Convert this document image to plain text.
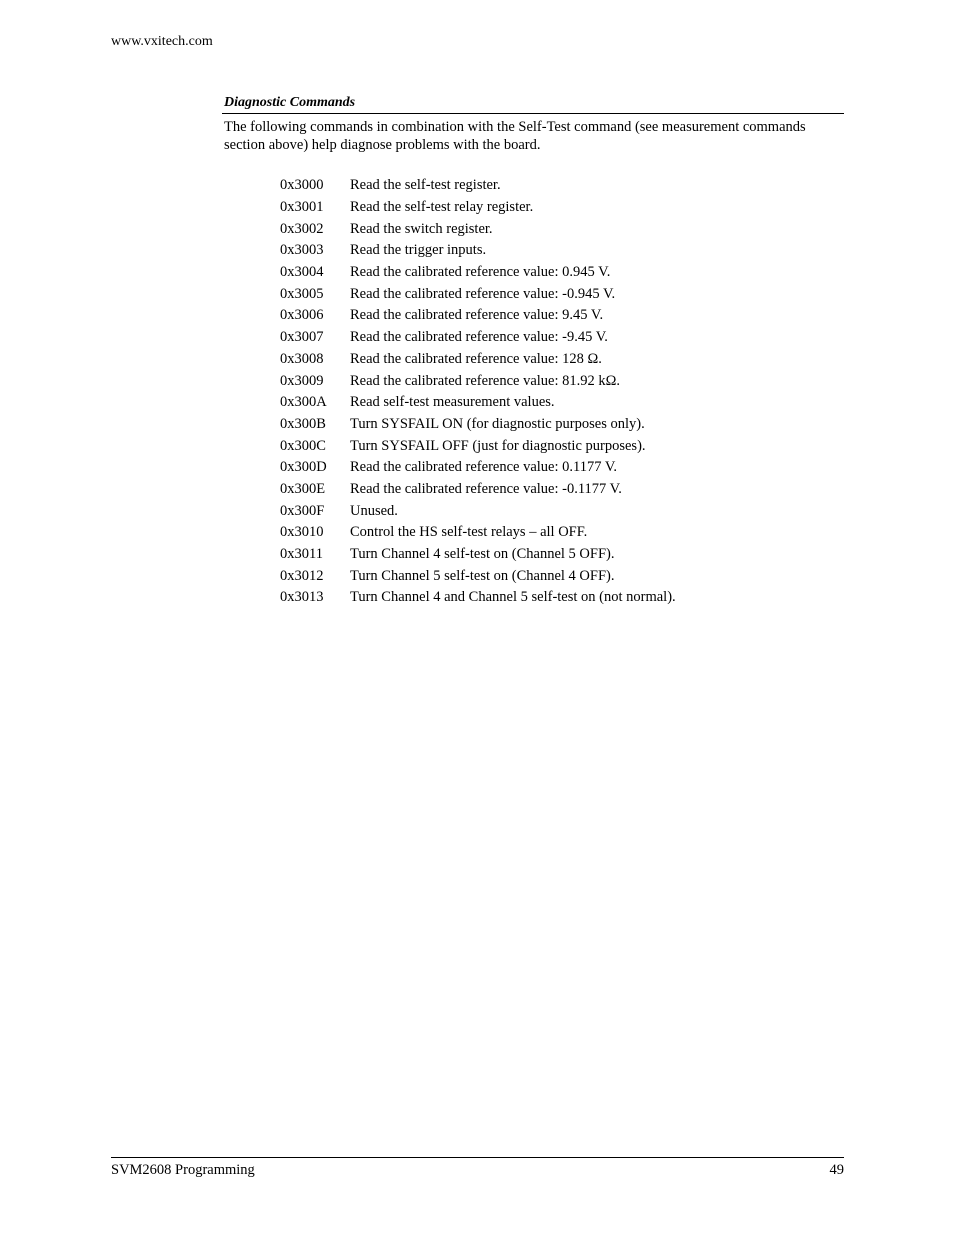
www.vxitech.com
Diagnostic Commands
The following commands in combination with the Self-Test command (see measurement commands section above) help diagnose problems with the board.
0x3000	Read the self-test register.
0x3001	Read the self-test relay register.
0x3002	Read the switch register.
0x3003	Read the trigger inputs.
0x3004	Read the calibrated reference value: 0.945 V.
0x3005	Read the calibrated reference value: -0.945 V.
0x3006	Read the calibrated reference value: 9.45 V.
0x3007	Read the calibrated reference value: -9.45 V.
0x3008	Read the calibrated reference value: 128 Ω.
0x3009	Read the calibrated reference value: 81.92 kΩ.
0x300A	Read self-test measurement values.
0x300B	Turn SYSFAIL ON (for diagnostic purposes only).
0x300C	Turn SYSFAIL OFF (just for diagnostic purposes).
0x300D	Read the calibrated reference value: 0.1177 V.
0x300E	Read the calibrated reference value: -0.1177 V.
0x300F	Unused.
0x3010	Control the HS self-test relays – all OFF.
0x3011	Turn Channel 4 self-test on (Channel 5 OFF).
0x3012	Turn Channel 5 self-test on (Channel 4 OFF).
0x3013	Turn Channel 4 and Channel 5 self-test on (not normal).
SVM2608 Programming	49
